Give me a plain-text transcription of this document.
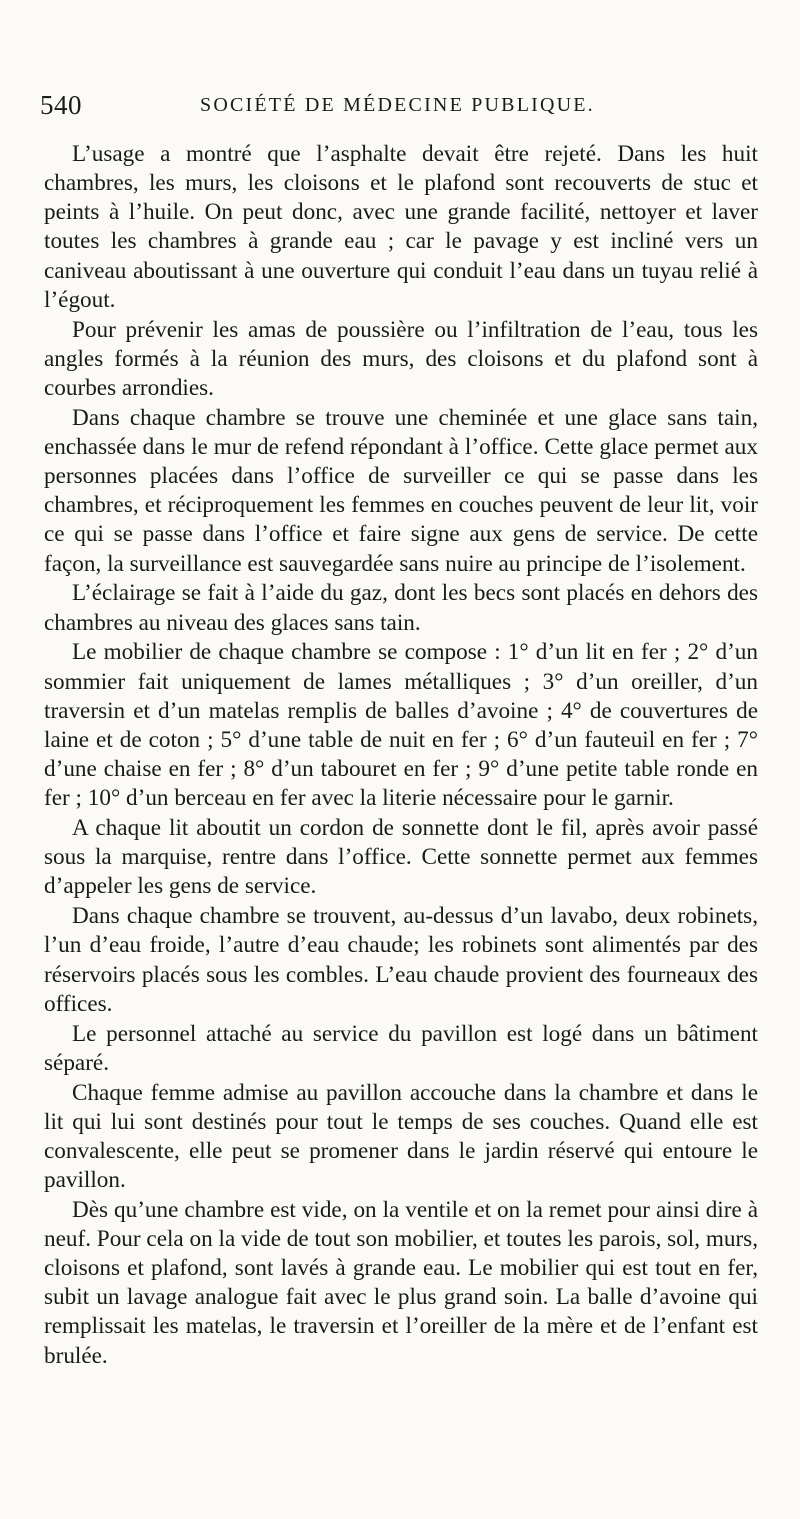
540	SOCIÉTÉ DE MÉDECINE PUBLIQUE.

L’usage a montré que l’asphalte devait être rejeté. Dans les huit chambres, les murs, les cloisons et le plafond sont recouverts de stuc et peints à l’huile. On peut donc, avec une grande facilité, nettoyer et laver toutes les chambres à grande eau ; car le pavage y est incliné vers un caniveau aboutissant à une ouverture qui conduit l’eau dans un tuyau relié à l’égout.

Pour prévenir les amas de poussière ou l’infiltration de l’eau, tous les angles formés à la réunion des murs, des cloisons et du plafond sont à courbes arrondies.

Dans chaque chambre se trouve une cheminée et une glace sans tain, enchassée dans le mur de refend répondant à l’office. Cette glace permet aux personnes placées dans l’office de surveiller ce qui se passe dans les chambres, et réciproquement les femmes en couches peuvent de leur lit, voir ce qui se passe dans l’office et faire signe aux gens de service. De cette façon, la surveillance est sauvegardée sans nuire au principe de l’isolement.

L’éclairage se fait à l’aide du gaz, dont les becs sont placés en dehors des chambres au niveau des glaces sans tain.

Le mobilier de chaque chambre se compose : 1° d’un lit en fer ; 2° d’un sommier fait uniquement de lames métalliques ; 3° d’un oreiller, d’un traversin et d’un matelas remplis de balles d’avoine ; 4° de couvertures de laine et de coton ; 5° d’une table de nuit en fer ; 6° d’un fauteuil en fer ; 7° d’une chaise en fer ; 8° d’un tabouret en fer ; 9° d’une petite table ronde en fer ; 10° d’un berceau en fer avec la literie nécessaire pour le garnir.

A chaque lit aboutit un cordon de sonnette dont le fil, après avoir passé sous la marquise, rentre dans l’office. Cette sonnette permet aux femmes d’appeler les gens de service.

Dans chaque chambre se trouvent, au-dessus d’un lavabo, deux robinets, l’un d’eau froide, l’autre d’eau chaude; les robinets sont alimentés par des réservoirs placés sous les combles. L’eau chaude provient des fourneaux des offices.

Le personnel attaché au service du pavillon est logé dans un bâtiment séparé.

Chaque femme admise au pavillon accouche dans la chambre et dans le lit qui lui sont destinés pour tout le temps de ses couches. Quand elle est convalescente, elle peut se promener dans le jardin réservé qui entoure le pavillon.

Dès qu’une chambre est vide, on la ventile et on la remet pour ainsi dire à neuf. Pour cela on la vide de tout son mobilier, et toutes les parois, sol, murs, cloisons et plafond, sont lavés à grande eau. Le mobilier qui est tout en fer, subit un lavage analogue fait avec le plus grand soin. La balle d’avoine qui remplissait les matelas, le traversin et l’oreiller de la mère et de l’enfant est brulée.
